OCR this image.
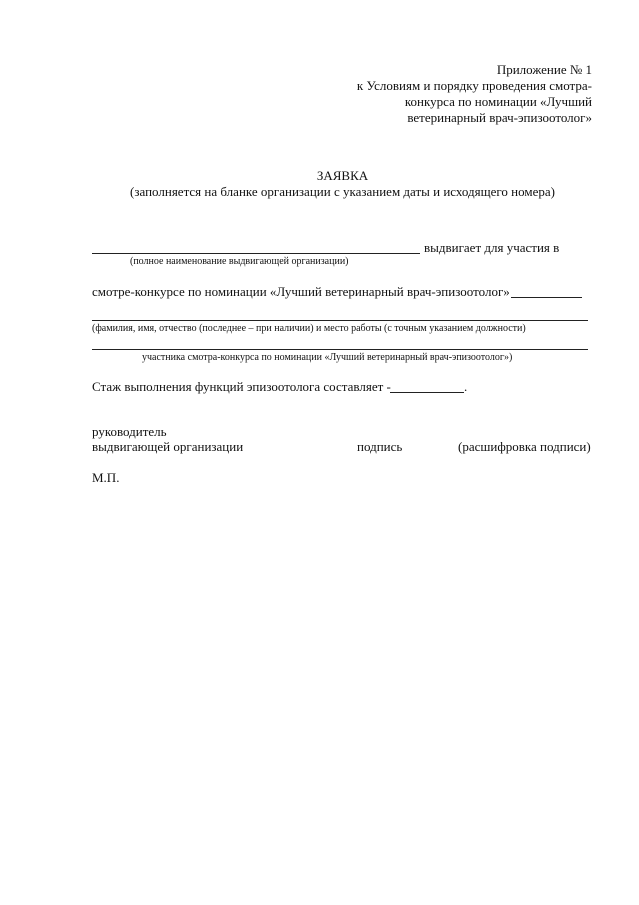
Приложение № 1
к Условиям и порядку проведения смотра-
конкурса по номинации «Лучший
ветеринарный врач-эпизоотолог»
ЗАЯВКА
(заполняется на бланке организации с указанием даты и исходящего номера)
выдвигает для участия в
(полное наименование выдвигающей организации)
смотре-конкурсе по номинации «Лучший ветеринарный врач-эпизоотолог»
(фамилия, имя, отчество (последнее – при наличии) и место работы (с точным указанием должности)
участника смотра-конкурса по номинации «Лучший ветеринарный врач-эпизоотолог»)
Стаж выполнения функций эпизоотолога составляет -	.
руководитель
выдвигающей организации	подпись	(расшифровка подписи)
М.П.
